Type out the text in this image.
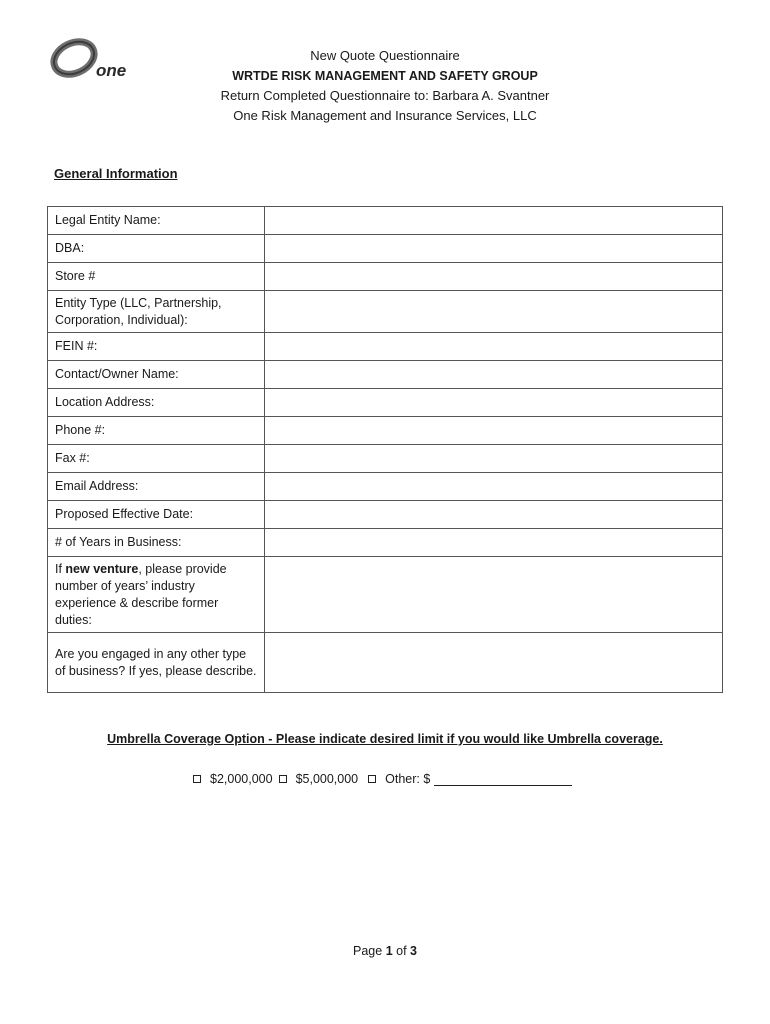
one
New Quote Questionnaire
WRTDE RISK MANAGEMENT AND SAFETY GROUP
Return Completed Questionnaire to: Barbara A. Svantner
One Risk Management and Insurance Services, LLC
General Information
Legal Entity Name:	
DBA:	
Store #	
Entity Type (LLC, Partnership, Corporation, Individual):	
FEIN #:	
Contact/Owner Name:	
Location Address:	
Phone #:	
Fax #:	
Email Address:	
Proposed Effective Date:	
# of Years in Business:	
If new venture, please provide number of years’ industry experience & describe former duties:	
Are you engaged in any other type of business? If yes, please describe.	
Umbrella Coverage Option - Please indicate desired limit if you would like Umbrella coverage.
$2,000,000 $5,000,000 Other: $
Page 1 of 3
